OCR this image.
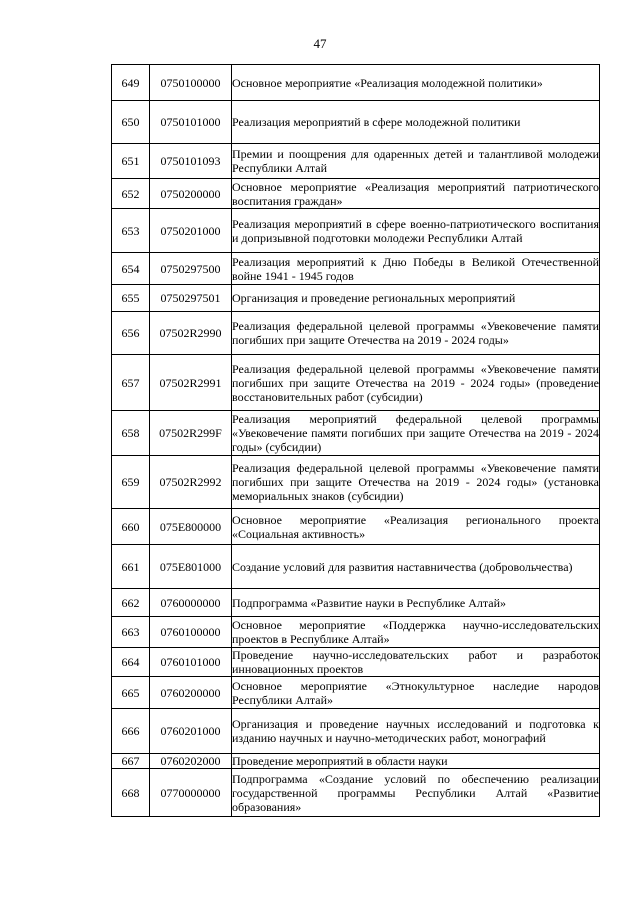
47
649	0750100000	Основное мероприятие «Реализация молодежной политики»
650	0750101000	Реализация мероприятий в сфере молодежной политики
651	0750101093	Премии и поощрения для одаренных детей и талантливой молодежи Республики Алтай
652	0750200000	Основное мероприятие «Реализация мероприятий патриотического воспитания граждан»
653	0750201000	Реализация мероприятий в сфере военно-патриотического воспитания и допризывной подготовки молодежи Республики Алтай
654	0750297500	Реализация мероприятий к Дню Победы в Великой Отечественной войне 1941 - 1945 годов
655	0750297501	Организация и проведение региональных мероприятий
656	07502R2990	Реализация федеральной целевой программы «Увековечение памяти погибших при защите Отечества на 2019 - 2024 годы»
657	07502R2991	Реализация федеральной целевой программы «Увековечение памяти погибших при защите Отечества на 2019 - 2024 годы» (проведение восстановительных работ (субсидии)
658	07502R299F	Реализация мероприятий федеральной целевой программы «Увековечение памяти погибших при защите Отечества на 2019 - 2024 годы» (субсидии)
659	07502R2992	Реализация федеральной целевой программы «Увековечение памяти погибших при защите Отечества на 2019 - 2024 годы» (установка мемориальных знаков (субсидии)
660	075E800000	Основное мероприятие «Реализация регионального проекта «Социальная активность»
661	075E801000	Создание условий для развития наставничества (добровольчества)
662	0760000000	Подпрограмма «Развитие науки в Республике Алтай»
663	0760100000	Основное мероприятие «Поддержка научно-исследовательских проектов в Республике Алтай»
664	0760101000	Проведение научно-исследовательских работ и разработок инновационных проектов
665	0760200000	Основное мероприятие «Этнокультурное наследие народов Республики Алтай»
666	0760201000	Организация и проведение научных исследований и подготовка к изданию научных и научно-методических работ, монографий
667	0760202000	Проведение мероприятий в области науки
668	0770000000	Подпрограмма «Создание условий по обеспечению реализации государственной программы Республики Алтай «Развитие образования»
